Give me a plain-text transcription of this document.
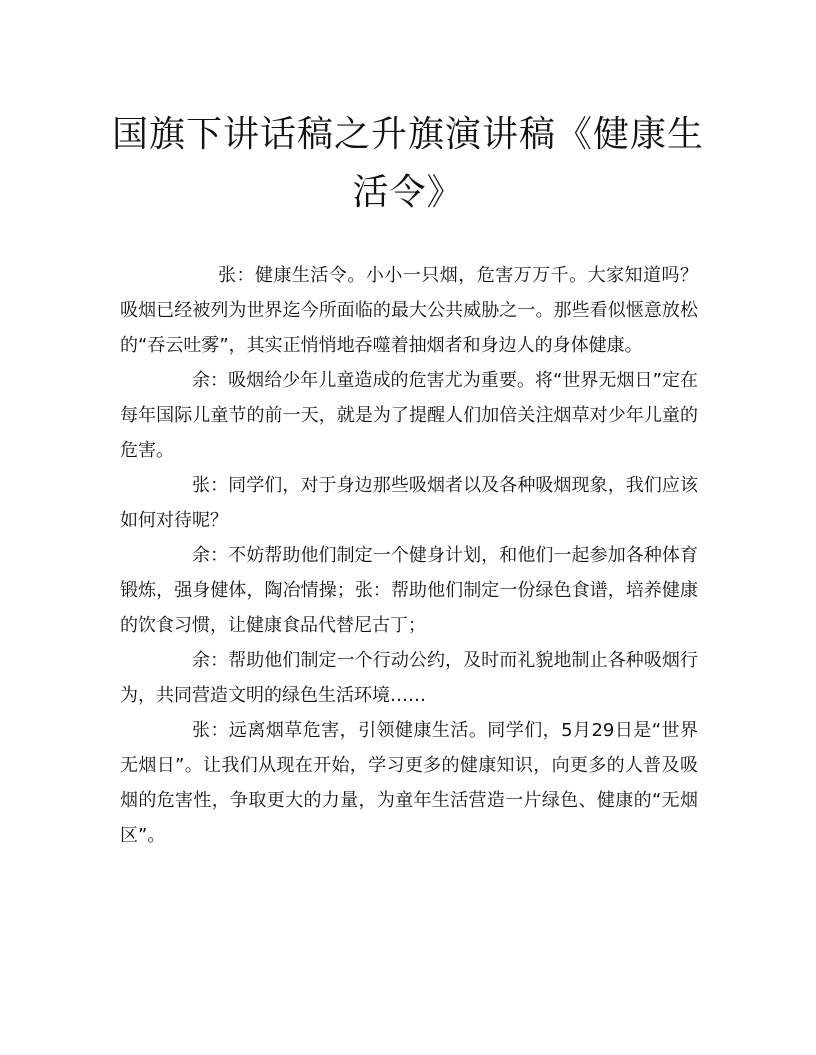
国旗下讲话稿之升旗演讲稿《健康生活令》

张：健康生活令。小小一只烟，危害万万千。大家知道吗？吸烟已经被列为世界迄今所面临的最大公共威胁之一。那些看似惬意放松的“吞云吐雾”，其实正悄悄地吞噬着抽烟者和身边人的身体健康。

余：吸烟给少年儿童造成的危害尤为重要。将“世界无烟日”定在每年国际儿童节的前一天，就是为了提醒人们加倍关注烟草对少年儿童的危害。

张：同学们，对于身边那些吸烟者以及各种吸烟现象，我们应该如何对待呢？

余：不妨帮助他们制定一个健身计划，和他们一起参加各种体育锻炼，强身健体，陶冶情操；张：帮助他们制定一份绿色食谱，培养健康的饮食习惯，让健康食品代替尼古丁；

余：帮助他们制定一个行动公约，及时而礼貌地制止各种吸烟行为，共同营造文明的绿色生活环境……

张：远离烟草危害，引领健康生活。同学们，5月29日是“世界无烟日”。让我们从现在开始，学习更多的健康知识，向更多的人普及吸烟的危害性，争取更大的力量，为童年生活营造一片绿色、健康的“无烟区”。
